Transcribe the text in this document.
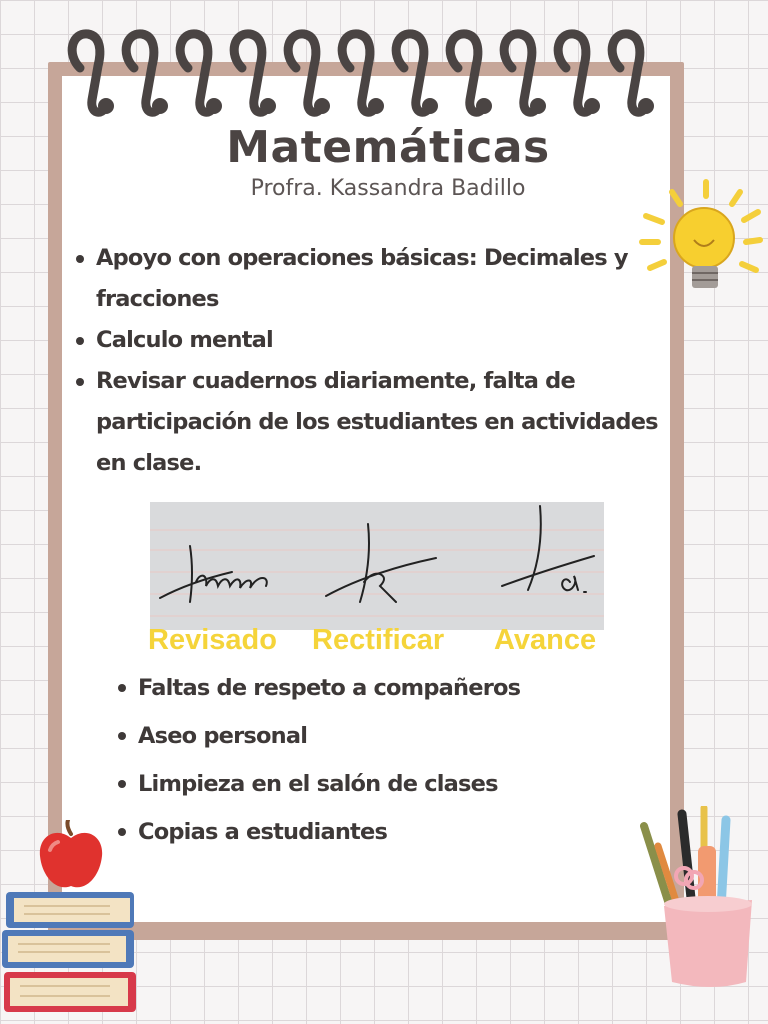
Matemáticas
Profra. Kassandra Badillo
Apoyo con operaciones básicas: Decimales y
fracciones
Calculo mental
Revisar cuadernos diariamente, falta de
participación de los estudiantes en actividades
en clase.
Revisado Rectificar Avance
Faltas de respeto a compañeros
Aseo personal
Limpieza en el salón de clases
Copias a estudiantes
